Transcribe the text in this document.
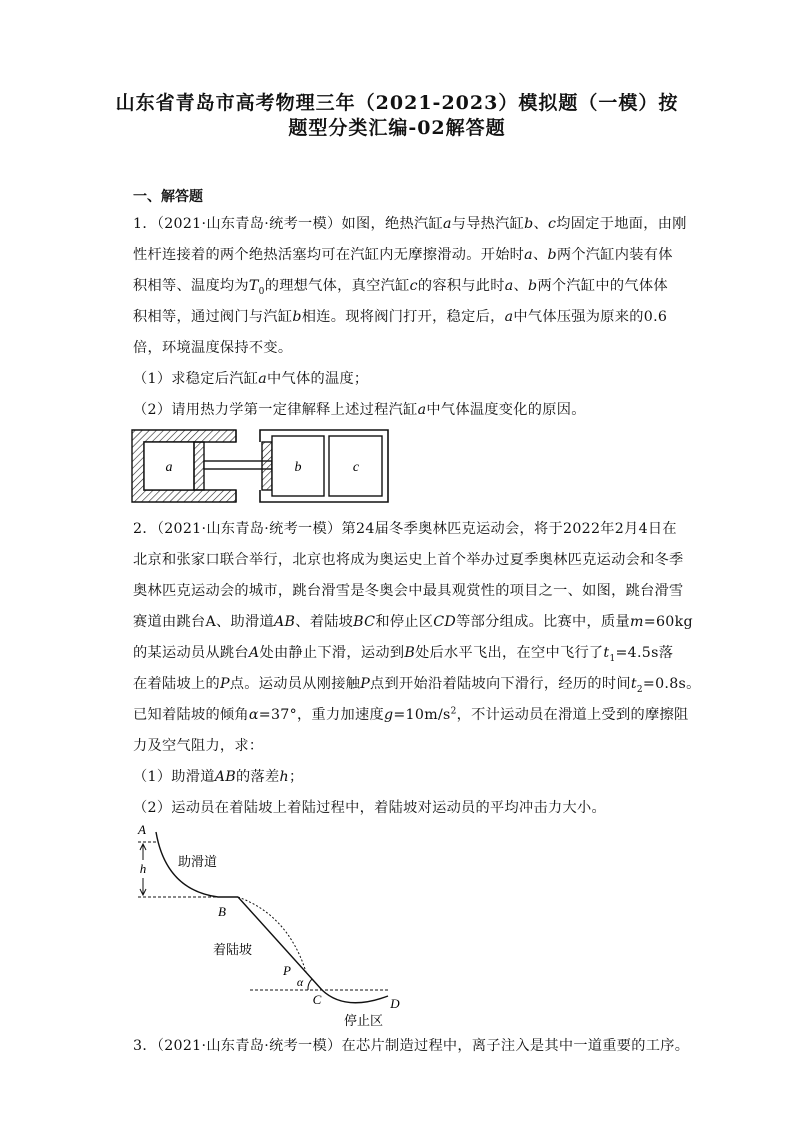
山东省青岛市高考物理三年（2021-2023）模拟题（一模）按
题型分类汇编-02解答题
一、解答题
1．（2021·山东青岛·统考一模）如图，绝热汽缸a与导热汽缸b、c均固定于地面，由刚
性杆连接着的两个绝热活塞均可在汽缸内无摩擦滑动。开始时a、b两个汽缸内装有体
积相等、温度均为$T_0$的理想气体，真空汽缸c的容积与此时a、b两个汽缸中的气体体
积相等，通过阀门与汽缸b相连。现将阀门打开，稳定后，a中气体压强为原来的0.6
倍，环境温度保持不变。
（1）求稳定后汽缸a中气体的温度；
（2）请用热力学第一定律解释上述过程汽缸a中气体温度变化的原因。
a	b	c
2．（2021·山东青岛·统考一模）第24届冬季奥林匹克运动会，将于2022年2月4日在
北京和张家口联合举行，北京也将成为奥运史上首个举办过夏季奥林匹克运动会和冬季
奥林匹克运动会的城市，跳台滑雪是冬奥会中最具观赏性的项目之一、如图，跳台滑雪
赛道由跳台A、助滑道AB、着陆坡BC和停止区CD等部分组成。比赛中，质量m=60kg
的某运动员从跳台A处由静止下滑，运动到B处后水平飞出，在空中飞行了$t_1=4.5s$落
在着陆坡上的P点。运动员从刚接触P点到开始沿着陆坡向下滑行，经历的时间$t_2=0.8s$。
已知着陆坡的倾角α=37°，重力加速度$g=10m/s^2$，不计运动员在滑道上受到的摩擦阻
力及空气阻力，求：
（1）助滑道AB的落差h；
（2）运动员在着陆坡上着陆过程中，着陆坡对运动员的平均冲击力大小。
A
h 助滑道
B
着陆坡
P
α
C	D
停止区
3．（2021·山东青岛·统考一模）在芯片制造过程中，离子注入是其中一道重要的工序。
